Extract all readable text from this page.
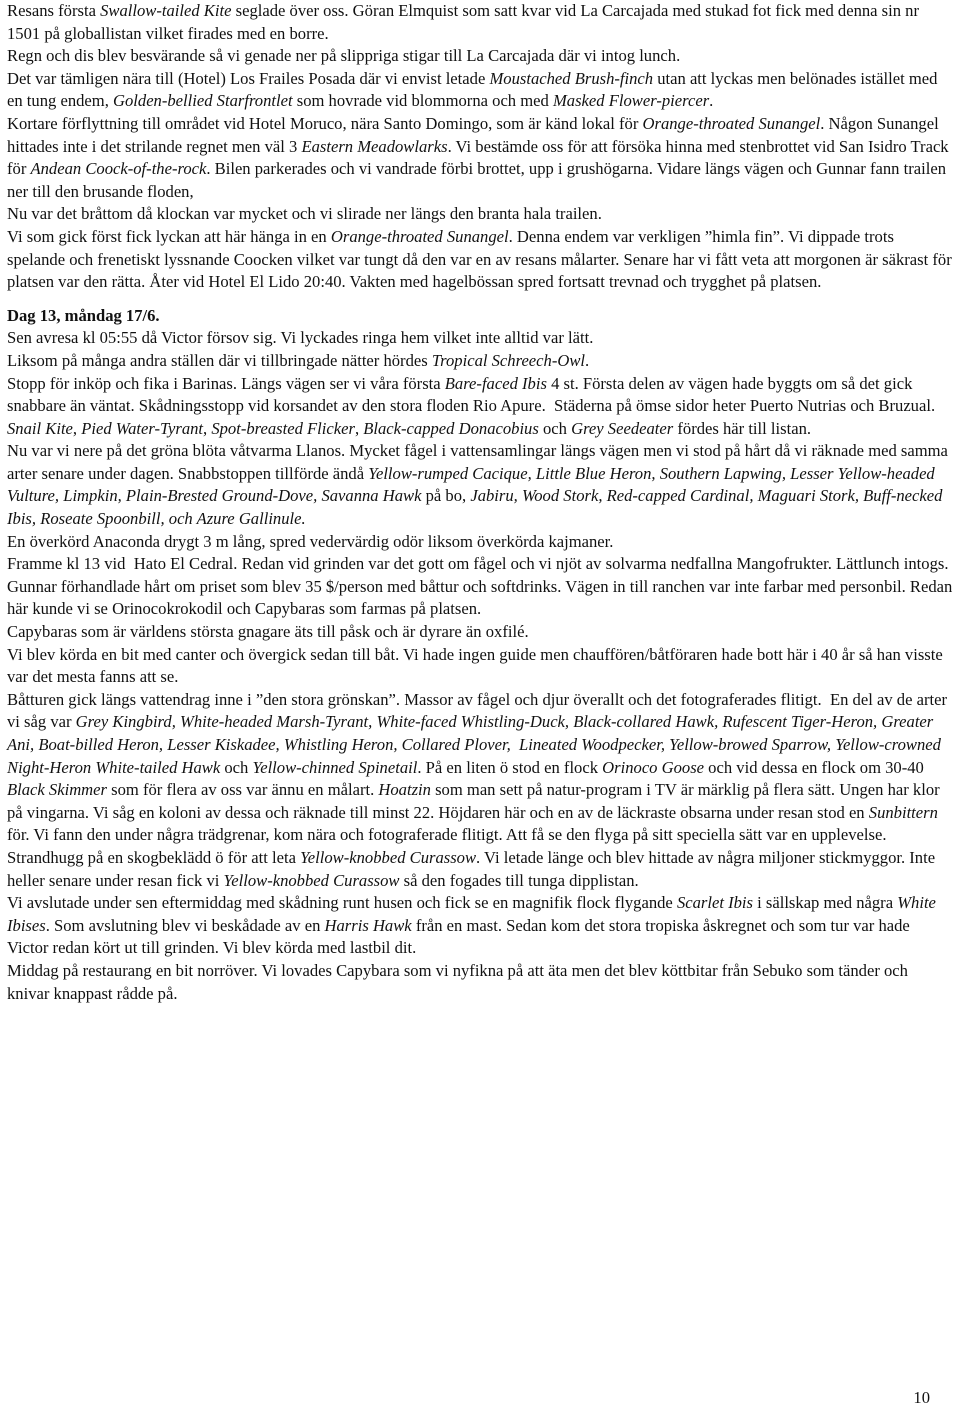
Resans första Swallow-tailed Kite seglade över oss. Göran Elmquist som satt kvar vid La Carcajada med stukad fot fick med denna sin nr 1501 på globallistan vilket firades med en borre.

Regn och dis blev besvärande så vi genade ner på slippriga stigar till La Carcajada där vi intog lunch.

Det var tämligen nära till (Hotel) Los Frailes Posada där vi envist letade Moustached Brush-finch utan att lyckas men belönades istället med en tung endem, Golden-bellied Starfrontlet som hovrade vid blommorna och med Masked Flower-piercer.

Kortare förflyttning till området vid Hotel Moruco, nära Santo Domingo, som är känd lokal för Orange-throated Sunangel. Någon Sunangel hittades inte i det strilande regnet men väl 3 Eastern Meadowlarks. Vi bestämde oss för att försöka hinna med stenbrottet vid San Isidro Track för Andean Coock-of-the-rock. Bilen parkerades och vi vandrade förbi brottet, upp i grushögarna. Vidare längs vägen och Gunnar fann trailen ner till den brusande floden,

Nu var det bråttom då klockan var mycket och vi slirade ner längs den branta hala trailen.

Vi som gick först fick lyckan att här hänga in en Orange-throated Sunangel. Denna endem var verkligen ”himla fin”. Vi dippade trots spelande och frenetiskt lyssnande Coocken vilket var tungt då den var en av resans målarter. Senare har vi fått veta att morgonen är säkrast för platsen var den rätta. Åter vid Hotel El Lido 20:40. Vakten med hagelbössan spred fortsatt trevnad och trygghet på platsen.

Dag 13, måndag 17/6.

Sen avresa kl 05:55 då Victor försov sig. Vi lyckades ringa hem vilket inte alltid var lätt.

Liksom på många andra ställen där vi tillbringade nätter hördes Tropical Schreech-Owl.

Stopp för inköp och fika i Barinas. Längs vägen ser vi våra första Bare-faced Ibis 4 st. Första delen av vägen hade byggts om så det gick snabbare än väntat. Skådningsstopp vid korsandet av den stora floden Rio Apure.  Städerna på ömse sidor heter Puerto Nutrias och Bruzual. Snail Kite, Pied Water-Tyrant, Spot-breasted Flicker, Black-capped Donacobius och Grey Seedeater fördes här till listan.

Nu var vi nere på det gröna blöta våtvarma Llanos. Mycket fågel i vattensamlingar längs vägen men vi stod på hårt då vi räknade med samma arter senare under dagen. Snabbstoppen tillförde ändå Yellow-rumped Cacique, Little Blue Heron, Southern Lapwing, Lesser Yellow-headed Vulture, Limpkin, Plain-Brested Ground-Dove, Savanna Hawk på bo, Jabiru, Wood Stork, Red-capped Cardinal, Maguari Stork, Buff-necked Ibis, Roseate Spoonbill, och Azure Gallinule.

En överkörd Anaconda drygt 3 m lång, spred vedervärdig odör liksom överkörda kajmaner.

Framme kl 13 vid  Hato El Cedral. Redan vid grinden var det gott om fågel och vi njöt av solvarma nedfallna Mangofrukter. Lättlunch intogs. Gunnar förhandlade hårt om priset som blev 35 $/person med båttur och softdrinks. Vägen in till ranchen var inte farbar med personbil. Redan här kunde vi se Orinocokrokodil och Capybaras som farmas på platsen.

Capybaras som är världens största gnagare äts till påsk och är dyrare än oxfilé.

Vi blev körda en bit med canter och övergick sedan till båt. Vi hade ingen guide men chauffören/båtföraren hade bott här i 40 år så han visste var det mesta fanns att se.

Båtturen gick längs vattendrag inne i ”den stora grönskan”. Massor av fågel och djur överallt och det fotograferades flitigt.  En del av de arter vi såg var Grey Kingbird, White-headed Marsh-Tyrant, White-faced Whistling-Duck, Black-collared Hawk, Rufescent Tiger-Heron, Greater Ani, Boat-billed Heron, Lesser Kiskadee, Whistling Heron, Collared Plover,  Lineated Woodpecker, Yellow-browed Sparrow, Yellow-crowned Night-Heron White-tailed Hawk och Yellow-chinned Spinetail. På en liten ö stod en flock Orinoco Goose och vid dessa en flock om 30-40 Black Skimmer som för flera av oss var ännu en målart. Hoatzin som man sett på natur-program i TV är märklig på flera sätt. Ungen har klor på vingarna. Vi såg en koloni av dessa och räknade till minst 22. Höjdaren här och en av de läckraste obsarna under resan stod en Sunbittern för. Vi fann den under några trädgrenar, kom nära och fotograferade flitigt. Att få se den flyga på sitt speciella sätt var en upplevelse.

Strandhugg på en skogbeklädd ö för att leta Yellow-knobbed Curassow. Vi letade länge och blev hittade av några miljoner stickmyggor. Inte heller senare under resan fick vi Yellow-knobbed Curassow så den fogades till tunga dipplistan.

Vi avslutade under sen eftermiddag med skådning runt husen och fick se en magnifik flock flygande Scarlet Ibis i sällskap med några White Ibises. Som avslutning blev vi beskådade av en Harris Hawk från en mast. Sedan kom det stora tropiska åskregnet och som tur var hade Victor redan kört ut till grinden. Vi blev körda med lastbil dit.

Middag på restaurang en bit norröver. Vi lovades Capybara som vi nyfikna på att äta men det blev köttbitar från Sebuko som tänder och knivar knappast rådde på.

10
